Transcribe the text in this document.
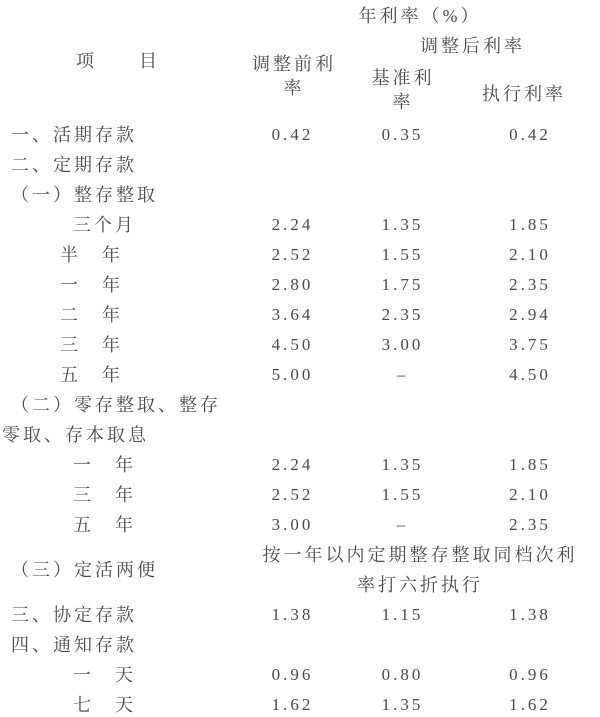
年利率（%）
调整后利率
项　　目	调整前利率	基准利率	执行利率
一、活期存款	0.42	0.35	0.42
二、定期存款
（一）整存整取
三个月	2.24	1.35	1.85
半　年	2.52	1.55	2.10
一　年	2.80	1.75	2.35
二　年	3.64	2.35	2.94
三　年	4.50	3.00	3.75
五　年	5.00	–	4.50
（二）零存整取、整存
零取、存本取息
一　年	2.24	1.35	1.85
三　年	2.52	1.55	2.10
五　年	3.00	–	2.35
（三）定活两便
按一年以内定期整存整取同档次利率打六折执行
三、协定存款	1.38	1.15	1.38
四、通知存款
一　天	0.96	0.80	0.96
七　天	1.62	1.35	1.62
